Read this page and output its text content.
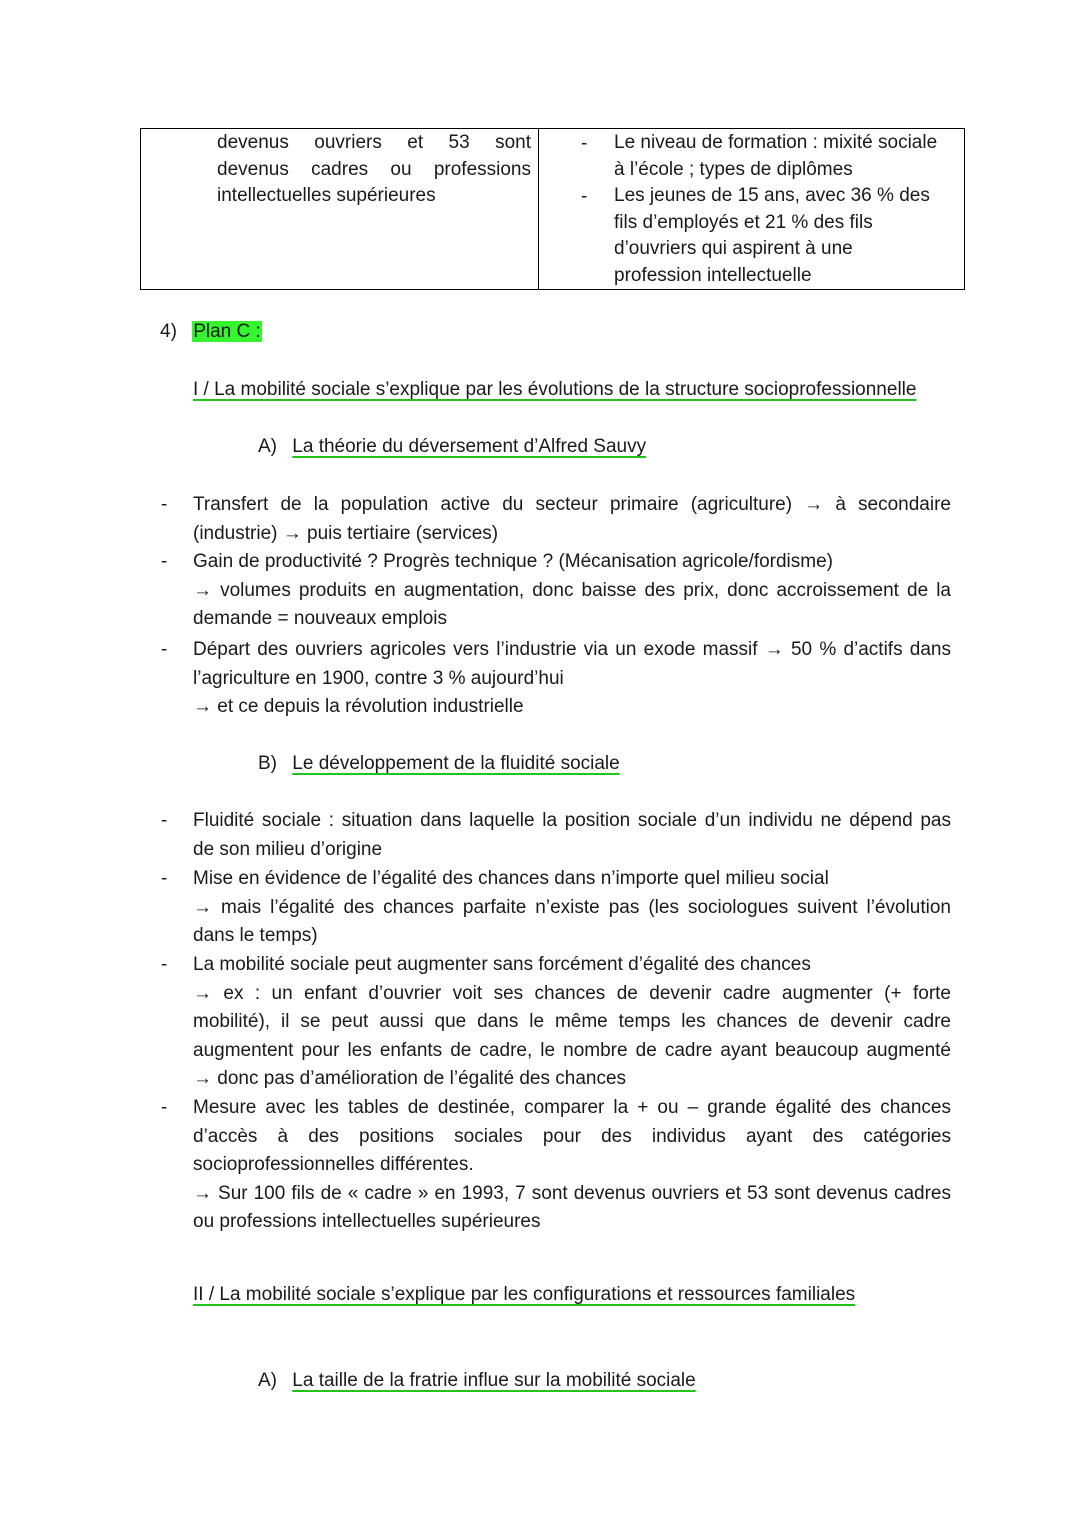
devenus ouvriers et 53 sont
devenus cadres ou professions
intellectuelles supérieures
-
-
Le niveau de formation : mixité sociale
à l’école ; types de diplômes
Les jeunes de 15 ans, avec 36 % des
fils d’employés et 21 % des fils
d’ouvriers qui aspirent à une
profession intellectuelle
4) Plan C :
I / La mobilité sociale s’explique par les évolutions de la structure socioprofessionnelle
A) La théorie du déversement d’Alfred Sauvy
- Transfert de la population active du secteur primaire (agriculture) → à secondaire
(industrie) → puis tertiaire (services)
- Gain de productivité ? Progrès technique ? (Mécanisation agricole/fordisme)
→ volumes produits en augmentation, donc baisse des prix, donc accroissement de la
demande = nouveaux emplois
- Départ des ouvriers agricoles vers l’industrie via un exode massif → 50 % d’actifs dans
l’agriculture en 1900, contre 3 % aujourd’hui
→ et ce depuis la révolution industrielle
B) Le développement de la fluidité sociale
- Fluidité sociale : situation dans laquelle la position sociale d’un individu ne dépend pas
de son milieu d’origine
- Mise en évidence de l’égalité des chances dans n’importe quel milieu social
→ mais l’égalité des chances parfaite n’existe pas (les sociologues suivent l’évolution
dans le temps)
- La mobilité sociale peut augmenter sans forcément d’égalité des chances
→ ex : un enfant d’ouvrier voit ses chances de devenir cadre augmenter (+ forte
mobilité), il se peut aussi que dans le même temps les chances de devenir cadre
augmentent pour les enfants de cadre, le nombre de cadre ayant beaucoup augmenté
→ donc pas d’amélioration de l’égalité des chances
- Mesure avec les tables de destinée, comparer la + ou – grande égalité des chances
d’accès à des positions sociales pour des individus ayant des catégories
socioprofessionnelles différentes.
→ Sur 100 fils de « cadre » en 1993, 7 sont devenus ouvriers et 53 sont devenus cadres
ou professions intellectuelles supérieures
II / La mobilité sociale s’explique par les configurations et ressources familiales
A) La taille de la fratrie influe sur la mobilité sociale
